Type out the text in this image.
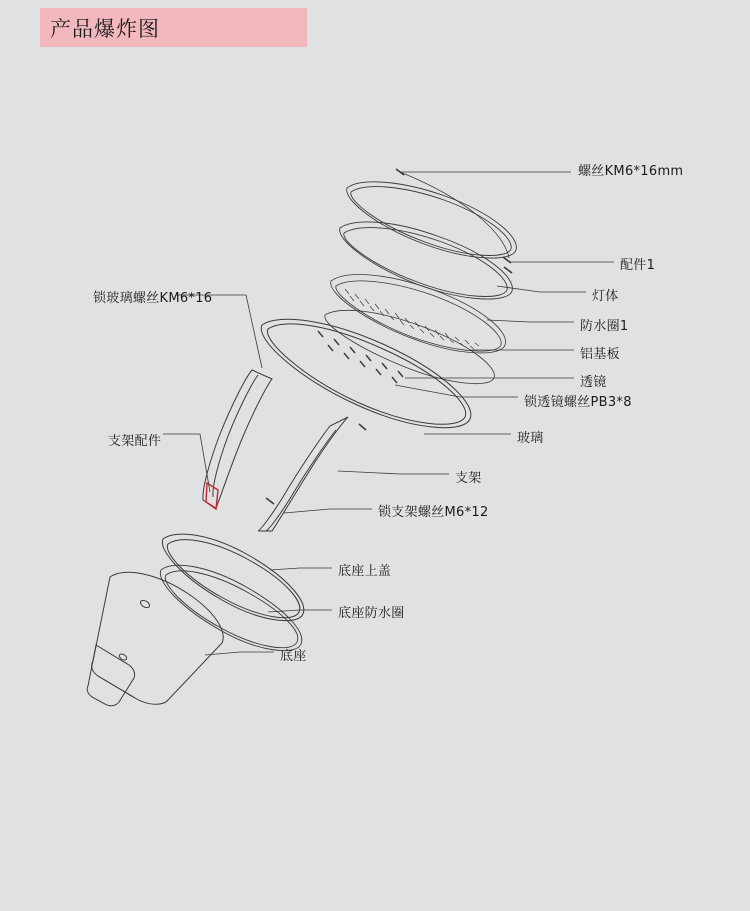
产品爆炸图
螺丝KM6*16mm
配件1
灯体
防水圈1
铝基板
透镜
锁透镜螺丝PB3*8
玻璃
支架
锁支架螺丝M6*12
底座上盖
底座防水圈
底座
锁玻璃螺丝KM6*16
支架配件
